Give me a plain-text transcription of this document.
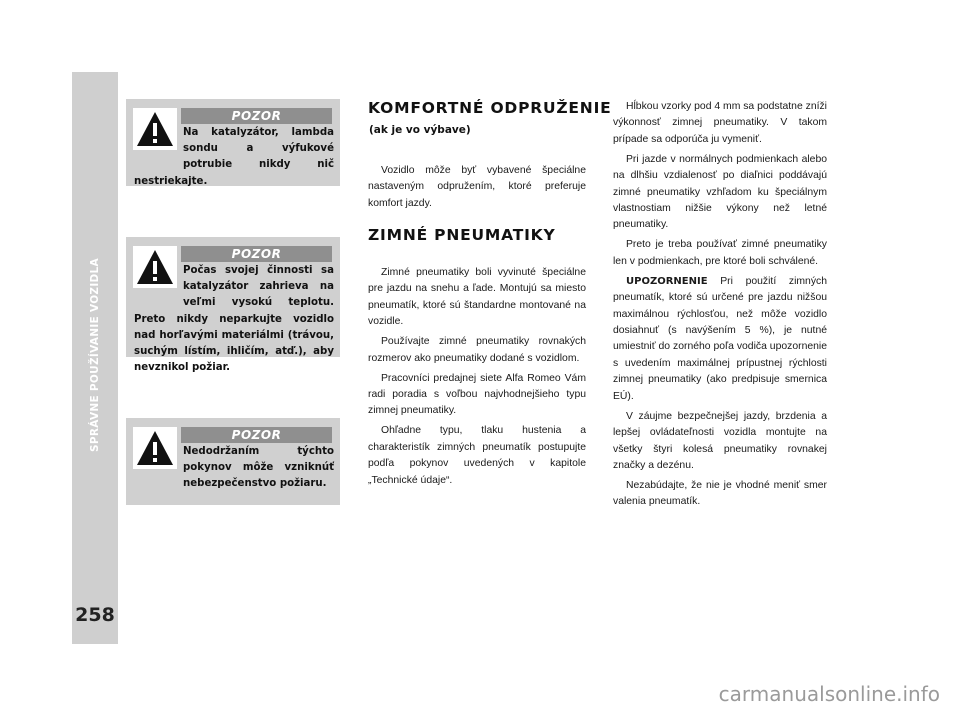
SPRÁVNE POUŽÍVANIE VOZIDLA
258
POZOR
Na katalyzátor, lambda sondu a výfukové potrubie nikdy nič nestriekajte.
POZOR
Počas svojej činnosti sa katalyzátor zahrieva na veľmi vysokú teplotu. Preto nikdy neparkujte vozidlo nad horľavými materiálmi (trávou, suchým lístím, ihličím, atď.), aby nevznikol požiar.
POZOR
Nedodržaním týchto pokynov môže vzniknúť nebezpečenstvo požiaru.
KOMFORTNÉ ODPRUŽENIE
(ak je vo výbave)

Vozidlo môže byť vybavené špeciálne nastaveným odpružením, ktoré preferuje komfort jazdy.

ZIMNÉ PNEUMATIKY

Zimné pneumatiky boli vyvinuté špeciálne pre jazdu na snehu a ľade. Montujú sa miesto pneumatík, ktoré sú štandardne montované na vozidle.

Používajte zimné pneumatiky rovnakých rozmerov ako pneumatiky dodané s vozidlom.

Pracovníci predajnej siete Alfa Romeo Vám radi poradia s voľbou najvhodnejšieho typu zimnej pneumatiky.

Ohľadne typu, tlaku hustenia a charakteristík zimných pneumatík postupujte podľa pokynov uvedených v kapitole „Technické údaje“.

Hĺbkou vzorky pod 4 mm sa podstatne zníži výkonnosť zimnej pneumatiky. V takom prípade sa odporúča ju vymeniť.

Pri jazde v normálnych podmienkach alebo na dlhšiu vzdialenosť po diaľnici poddávajú zimné pneumatiky vzhľadom ku špeciálnym vlastnostiam nižšie výkony než letné pneumatiky.

Preto je treba používať zimné pneumatiky len v podmienkach, pre ktoré boli schválené.

UPOZORNENIE Pri použití zimných pneumatík, ktoré sú určené pre jazdu nižšou maximálnou rýchlosťou, než môže vozidlo dosiahnuť (s navýšením 5 %), je nutné umiestniť do zorného poľa vodiča upozornenie s uvedením maximálnej prípustnej rýchlosti zimnej pneumatiky (ako predpisuje smernica EÚ).

V záujme bezpečnejšej jazdy, brzdenia a lepšej ovládateľnosti vozidla montujte na všetky štyri kolesá pneumatiky rovnakej značky a dezénu.

Nezabúdajte, že nie je vhodné meniť smer valenia pneumatík.

carmanualsonline.info
